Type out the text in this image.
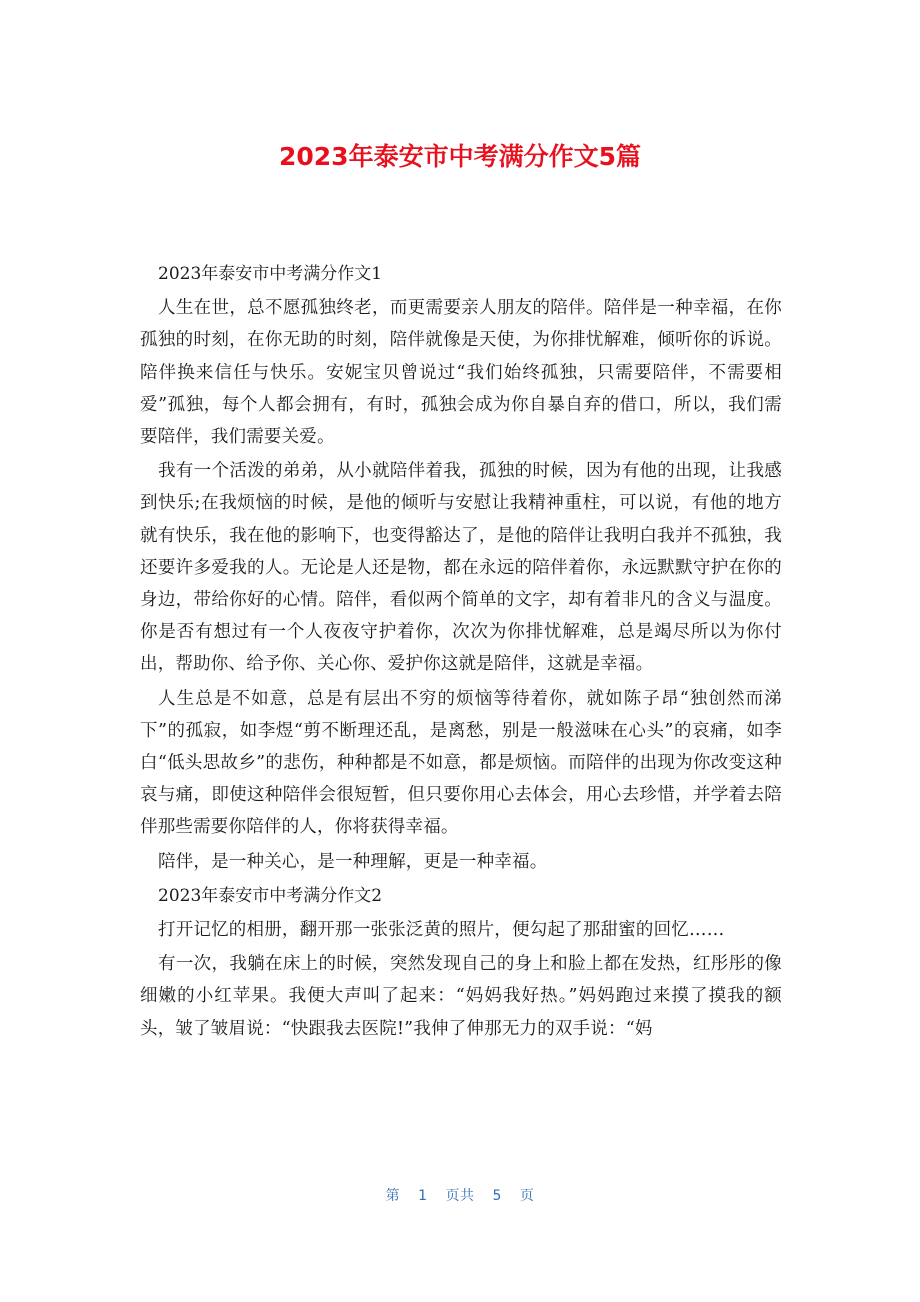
2023年泰安市中考满分作文5篇
2023年泰安市中考满分作文1

人生在世，总不愿孤独终老，而更需要亲人朋友的陪伴。陪伴是一种幸福，在你孤独的时刻，在你无助的时刻，陪伴就像是天使，为你排忧解难，倾听你的诉说。陪伴换来信任与快乐。安妮宝贝曾说过“我们始终孤独，只需要陪伴，不需要相爱”孤独，每个人都会拥有，有时，孤独会成为你自暴自弃的借口，所以，我们需要陪伴，我们需要关爱。

我有一个活泼的弟弟，从小就陪伴着我，孤独的时候，因为有他的出现，让我感到快乐;在我烦恼的时候，是他的倾听与安慰让我精神重柱，可以说，有他的地方就有快乐，我在他的影响下，也变得豁达了，是他的陪伴让我明白我并不孤独，我还要许多爱我的人。无论是人还是物，都在永远的陪伴着你，永远默默守护在你的身边，带给你好的心情。陪伴，看似两个简单的文字，却有着非凡的含义与温度。你是否有想过有一个人夜夜守护着你，次次为你排忧解难，总是竭尽所以为你付出，帮助你、给予你、关心你、爱护你这就是陪伴，这就是幸福。

人生总是不如意，总是有层出不穷的烦恼等待着你，就如陈子昂“独创然而涕下”的孤寂，如李煜“剪不断理还乱，是离愁，别是一般滋味在心头”的哀痛，如李白“低头思故乡”的悲伤，种种都是不如意，都是烦恼。而陪伴的出现为你改变这种哀与痛，即使这种陪伴会很短暂，但只要你用心去体会，用心去珍惜，并学着去陪伴那些需要你陪伴的人，你将获得幸福。

陪伴，是一种关心，是一种理解，更是一种幸福。

2023年泰安市中考满分作文2

打开记忆的相册，翻开那一张张泛黄的照片，便勾起了那甜蜜的回忆……

有一次，我躺在床上的时候，突然发现自己的身上和脸上都在发热，红彤彤的像细嫩的小红苹果。我便大声叫了起来：“妈妈我好热。”妈妈跑过来摸了摸我的额头，皱了皱眉说：“快跟我去医院!”我伸了伸那无力的双手说：“妈

第 1 页共 5 页
